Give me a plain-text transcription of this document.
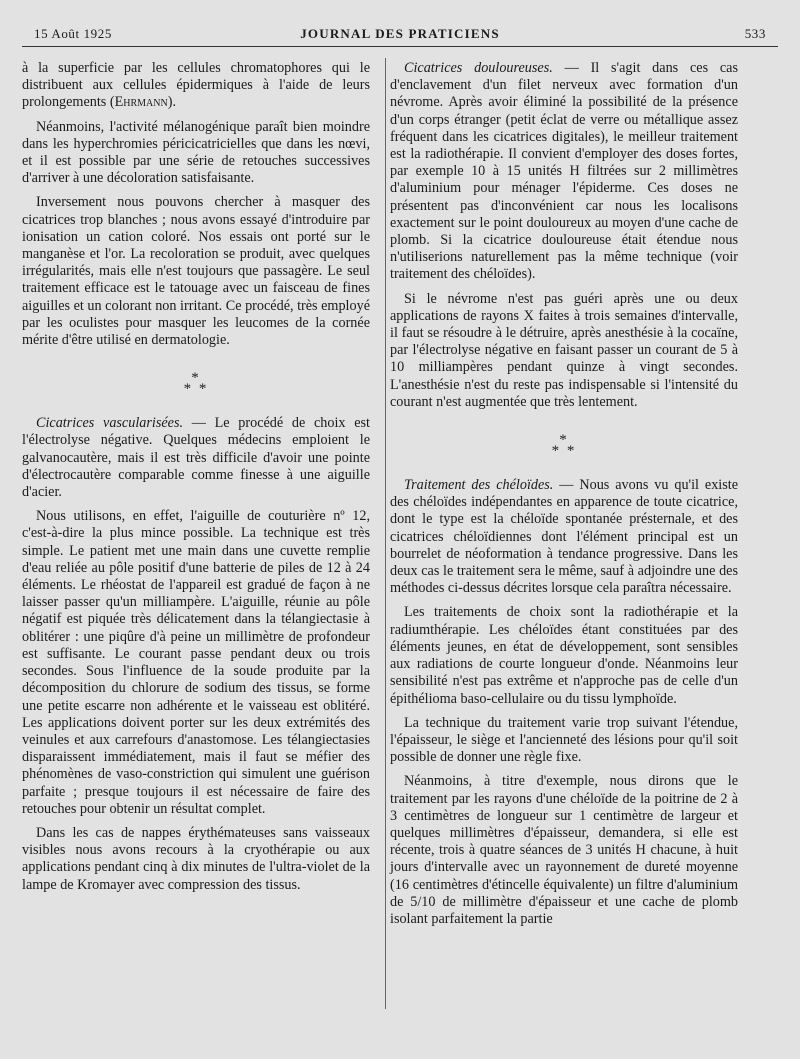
15 Août 1925	JOURNAL DES PRATICIENS	533

à la superficie par les cellules chromatophores qui le distribuent aux cellules épidermiques à l'aide de leurs prolongements (Ehrmann).

Néanmoins, l'activité mélanogénique paraît bien moindre dans les hyperchromies péricicatricielles que dans les nœvi, et il est possible par une série de retouches successives d'arriver à une décoloration satisfaisante.

Inversement nous pouvons chercher à masquer des cicatrices trop blanches ; nous avons essayé d'introduire par ionisation un cation coloré. Nos essais ont porté sur le manganèse et l'or. La recoloration se produit, avec quelques irrégularités, mais elle n'est toujours que passagère. Le seul traitement efficace est le tatouage avec un faisceau de fines aiguilles et un colorant non irritant. Ce procédé, très employé par les oculistes pour masquer les leucomes de la cornée mérite d'être utilisé en dermatologie.

*
* *

Cicatrices vascularisées. — Le procédé de choix est l'électrolyse négative. Quelques médecins emploient le galvanocautère, mais il est très difficile d'avoir une pointe d'électrocautère comparable comme finesse à une aiguille d'acier.

Nous utilisons, en effet, l'aiguille de couturière nº 12, c'est-à-dire la plus mince possible. La technique est très simple. Le patient met une main dans une cuvette remplie d'eau reliée au pôle positif d'une batterie de piles de 12 à 24 éléments. Le rhéostat de l'appareil est gradué de façon à ne laisser passer qu'un milliampère. L'aiguille, réunie au pôle négatif est piquée très délicatement dans la télangiectasie à oblitérer : une piqûre d'à peine un millimètre de profondeur est suffisante. Le courant passe pendant deux ou trois secondes. Sous l'influence de la soude produite par la décomposition du chlorure de sodium des tissus, se forme une petite escarre non adhérente et le vaisseau est oblitéré. Les applications doivent porter sur les deux extrémités des veinules et aux carrefours d'anastomose. Les télangiectasies disparaissent immédiatement, mais il faut se méfier des phénomènes de vaso-constriction qui simulent une guérison parfaite ; presque toujours il est nécessaire de faire des retouches pour obtenir un résultat complet.

Dans les cas de nappes érythémateuses sans vaisseaux visibles nous avons recours à la cryothérapie ou aux applications pendant cinq à dix minutes de l'ultra-violet de la lampe de Kromayer avec compression des tissus.

Cicatrices douloureuses. — Il s'agit dans ces cas d'enclavement d'un filet nerveux avec formation d'un névrome. Après avoir éliminé la possibilité de la présence d'un corps étranger (petit éclat de verre ou métallique assez fréquent dans les cicatrices digitales), le meilleur traitement est la radiothérapie. Il convient d'employer des doses fortes, par exemple 10 à 15 unités H filtrées sur 2 millimètres d'aluminium pour ménager l'épiderme. Ces doses ne présentent pas d'inconvénient car nous les localisons exactement sur le point douloureux au moyen d'une cache de plomb. Si la cicatrice douloureuse était étendue nous n'utiliserions naturellement pas la même technique (voir traitement des chéloïdes).

Si le névrome n'est pas guéri après une ou deux applications de rayons X faites à trois semaines d'intervalle, il faut se résoudre à le détruire, après anesthésie à la cocaïne, par l'électrolyse négative en faisant passer un courant de 5 à 10 milliampères pendant quinze à vingt secondes. L'anesthésie n'est du reste pas indispensable si l'intensité du courant n'est augmentée que très lentement.

*
* *

Traitement des chéloïdes. — Nous avons vu qu'il existe des chéloïdes indépendantes en apparence de toute cicatrice, dont le type est la chéloïde spontanée présternale, et des cicatrices chéloïdiennes dont l'élément principal est un bourrelet de néoformation à tendance progressive. Dans les deux cas le traitement sera le même, sauf à adjoindre une des méthodes ci-dessus décrites lorsque cela paraîtra nécessaire.

Les traitements de choix sont la radiothérapie et la radiumthérapie. Les chéloïdes étant constituées par des éléments jeunes, en état de développement, sont sensibles aux radiations de courte longueur d'onde. Néanmoins leur sensibilité n'est pas extrême et n'approche pas de celle d'un épithélioma baso-cellulaire ou du tissu lymphoïde.

La technique du traitement varie trop suivant l'étendue, l'épaisseur, le siège et l'ancienneté des lésions pour qu'il soit possible de donner une règle fixe.

Néanmoins, à titre d'exemple, nous dirons que le traitement par les rayons d'une chéloïde de la poitrine de 2 à 3 centimètres de longueur sur 1 centimètre de largeur et quelques millimètres d'épaisseur, demandera, si elle est récente, trois à quatre séances de 3 unités H chacune, à huit jours d'intervalle avec un rayonnement de dureté moyenne (16 centimètres d'étincelle équivalente) un filtre d'aluminium de 5/10 de millimètre d'épaisseur et une cache de plomb isolant parfaitement la partie
